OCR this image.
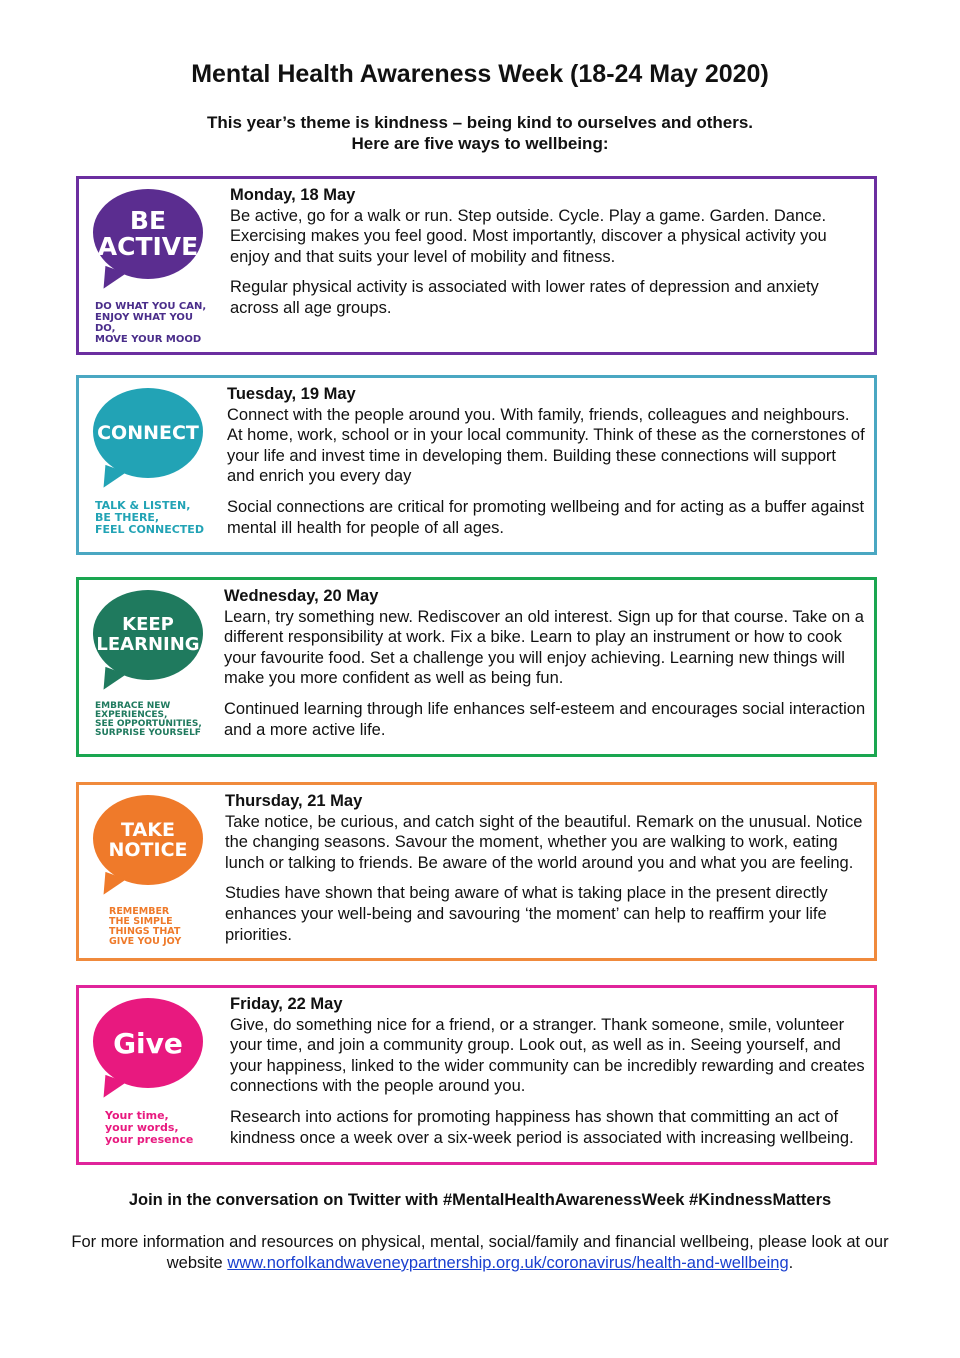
Mental Health Awareness Week (18-24 May 2020)
This year’s theme is kindness – being kind to ourselves and others.
Here are five ways to wellbeing:
BE ACTIVE
DO WHAT YOU CAN,
ENJOY WHAT YOU DO,
MOVE YOUR MOOD
Monday, 18 May

Be active, go for a walk or run. Step outside. Cycle. Play a game. Garden. Dance. Exercising makes you feel good. Most importantly, discover a physical activity you enjoy and that suits your level of mobility and fitness.

Regular physical activity is associated with lower rates of depression and anxiety across all age groups.

CONNECT
TALK & LISTEN,
BE THERE,
FEEL CONNECTED
Tuesday, 19 May

Connect with the people around you. With family, friends, colleagues and neighbours. At home, work, school or in your local community. Think of these as the cornerstones of your life and invest time in developing them. Building these connections will support and enrich you every day

Social connections are critical for promoting wellbeing and for acting as a buffer against mental ill health for people of all ages.

KEEP LEARNING
EMBRACE NEW
EXPERIENCES,
SEE OPPORTUNITIES,
SURPRISE YOURSELF
Wednesday, 20 May

Learn, try something new. Rediscover an old interest. Sign up for that course. Take on a different responsibility at work. Fix a bike. Learn to play an instrument or how to cook your favourite food. Set a challenge you will enjoy achieving. Learning new things will make you more confident as well as being fun.

Continued learning through life enhances self-esteem and encourages social interaction and a more active life.

TAKE NOTICE
REMEMBER
THE SIMPLE
THINGS THAT
GIVE YOU JOY
Thursday, 21 May

Take notice, be curious, and catch sight of the beautiful. Remark on the unusual. Notice the changing seasons. Savour the moment, whether you are walking to work, eating lunch or talking to friends. Be aware of the world around you and what you are feeling.

Studies have shown that being aware of what is taking place in the present directly enhances your well-being and savouring ‘the moment’ can help to reaffirm your life priorities.

Give
Your time,
your words,
your presence
Friday, 22 May

Give, do something nice for a friend, or a stranger. Thank someone, smile, volunteer your time, and join a community group. Look out, as well as in. Seeing yourself, and your happiness, linked to the wider community can be incredibly rewarding and creates connections with the people around you.

Research into actions for promoting happiness has shown that committing an act of kindness once a week over a six-week period is associated with increasing wellbeing.

Join in the conversation on Twitter with #MentalHealthAwarenessWeek #KindnessMatters
For more information and resources on physical, mental, social/family and financial wellbeing, please look at our website www.norfolkandwaveneypartnership.org.uk/coronavirus/health-and-wellbeing.
